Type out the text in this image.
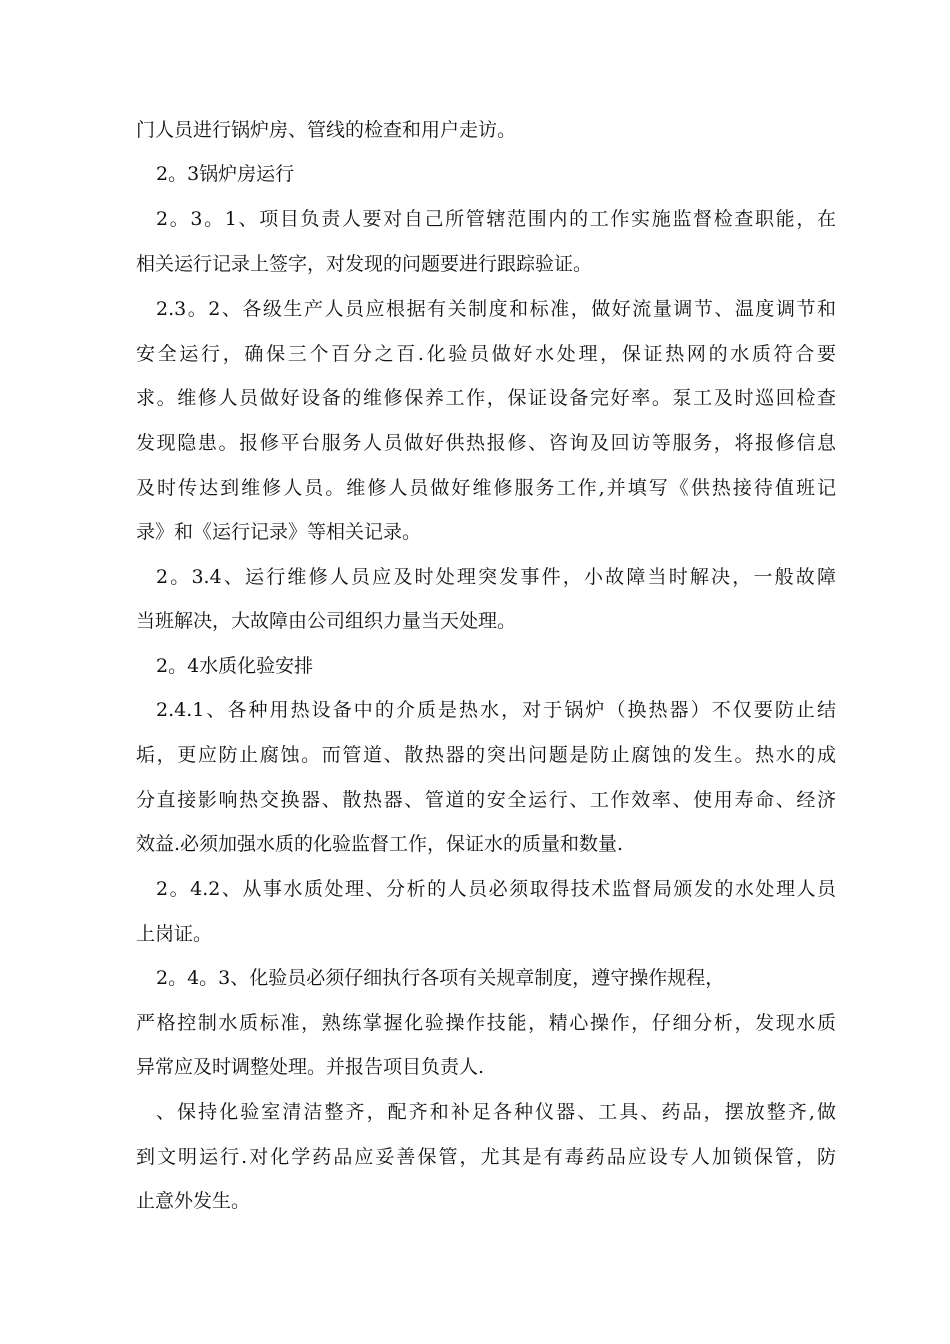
门人员进行锅炉房、管线的检查和用户走访。
2。3锅炉房运行
2。3。1、项目负责人要对自己所管辖范围内的工作实施监督检查职能，在
相关运行记录上签字，对发现的问题要进行跟踪验证。
2.3。2、各级生产人员应根据有关制度和标准，做好流量调节、温度调节和
安全运行，确保三个百分之百.化验员做好水处理，保证热网的水质符合要
求。维修人员做好设备的维修保养工作，保证设备完好率。泵工及时巡回检查
发现隐患。报修平台服务人员做好供热报修、咨询及回访等服务，将报修信息
及时传达到维修人员。维修人员做好维修服务工作,并填写《供热接待值班记
录》和《运行记录》等相关记录。
2。3.4、运行维修人员应及时处理突发事件，小故障当时解决，一般故障
当班解决，大故障由公司组织力量当天处理。
2。4水质化验安排
2.4.1、各种用热设备中的介质是热水，对于锅炉（换热器）不仅要防止结
垢，更应防止腐蚀。而管道、散热器的突出问题是防止腐蚀的发生。热水的成
分直接影响热交换器、散热器、管道的安全运行、工作效率、使用寿命、经济
效益.必须加强水质的化验监督工作，保证水的质量和数量.
2。4.2、从事水质处理、分析的人员必须取得技术监督局颁发的水处理人员
上岗证。
2。4。3、化验员必须仔细执行各项有关规章制度，遵守操作规程，
严格控制水质标准，熟练掌握化验操作技能，精心操作，仔细分析，发现水质
异常应及时调整处理。并报告项目负责人.
、保持化验室清洁整齐，配齐和补足各种仪器、工具、药品，摆放整齐,做
到文明运行.对化学药品应妥善保管，尤其是有毒药品应设专人加锁保管，防
止意外发生。
